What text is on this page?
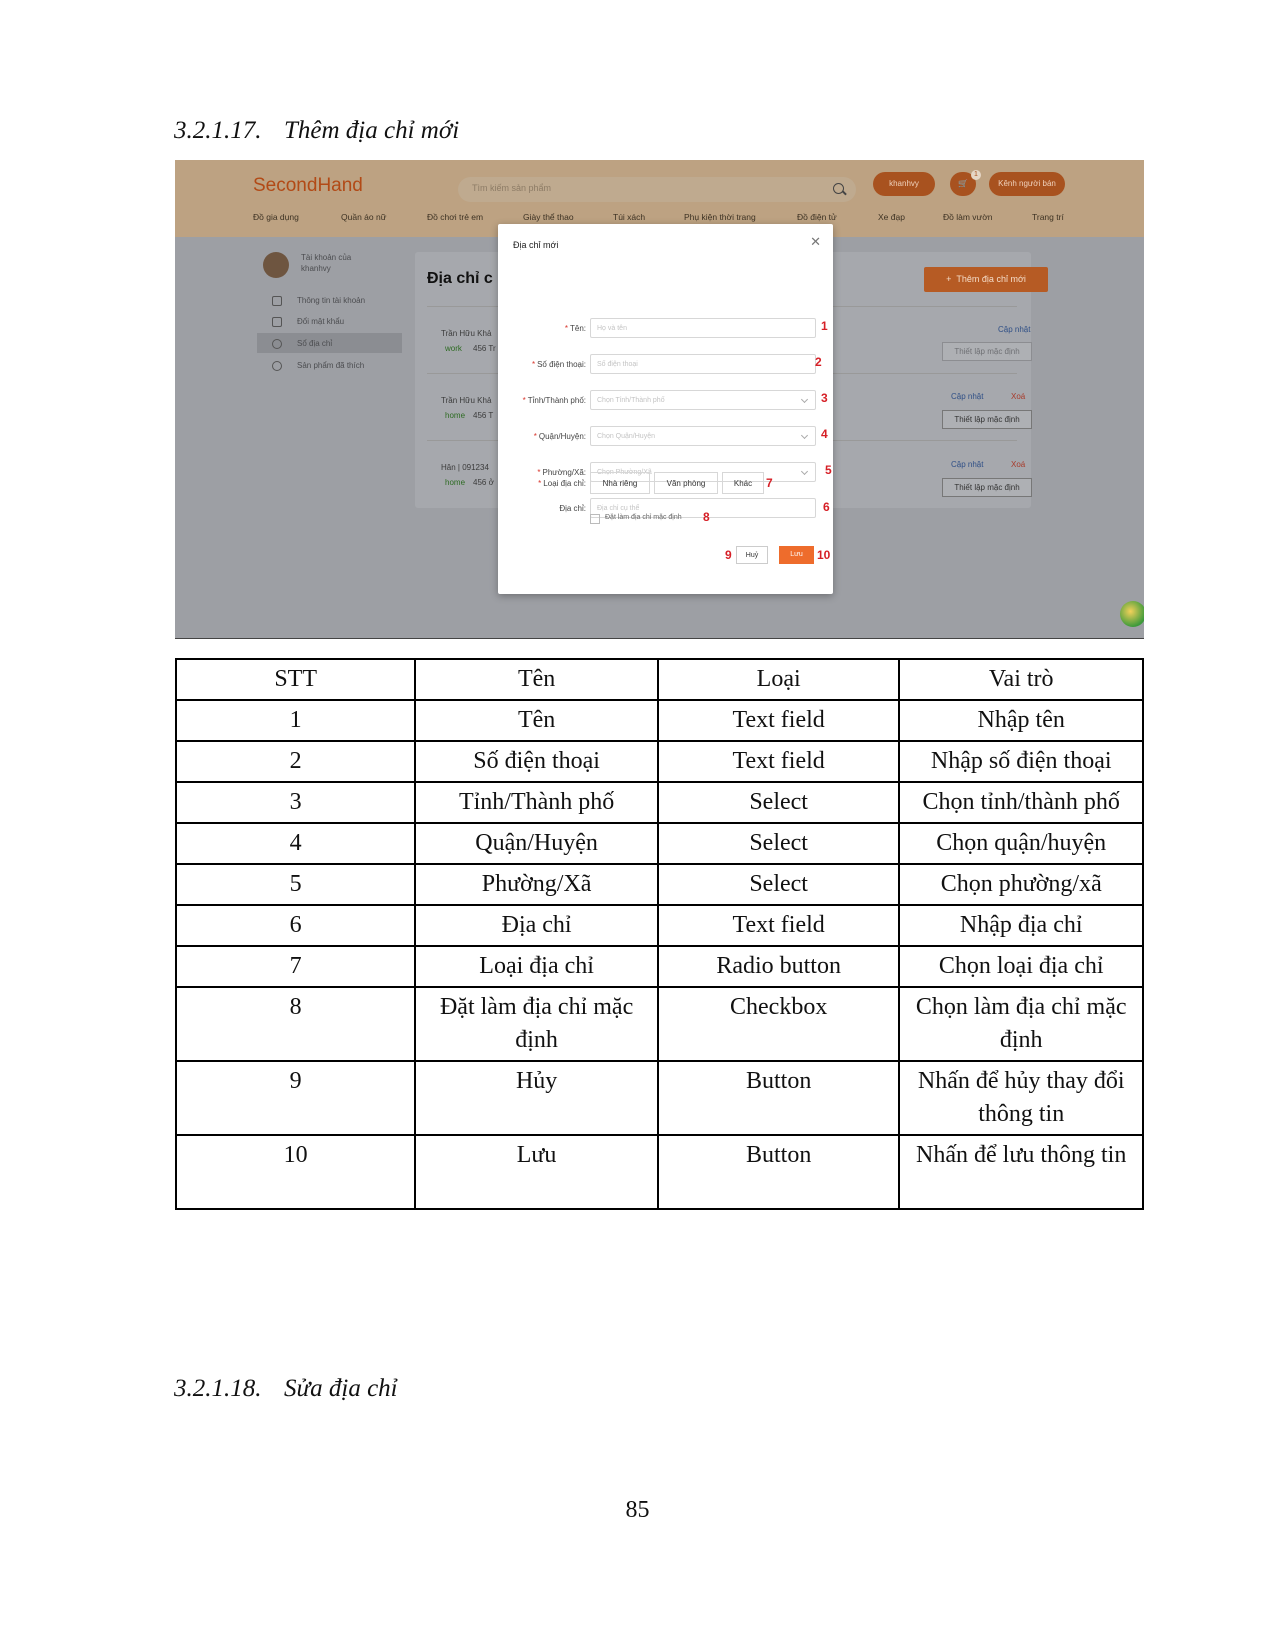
3.2.1.17. Thêm địa chỉ mới
SecondHand	Tìm kiếm sản phẩm	khanhvy	🛒
1
Kênh người bán
Đồ gia dụng	Quần áo nữ	Đồ chơi trẻ em	Giày thể thao	Túi xách	Phụ kiện thời trang	Đồ điện tử	Xe đạp	Đồ làm vườn	Trang trí
Tài khoản của
khanhvy
Thông tin tài khoản
Đổi mật khẩu
Sổ địa chỉ
Sản phẩm đã thích
Địa chỉ c	+  Thêm địa chỉ mới
Trần Hữu Khả
work 456 Tr
Cập nhật
Thiết lập mặc định
Trần Hữu Khả
home 456 T
Cập nhật	Xoá
Thiết lập mặc định
Hân | 091234
home 456 ở
Cập nhật	Xoá
Thiết lập mặc định
Địa chỉ mới	✕
* Tên:	Họ và tên	1
* Số điện thoại:	Số điện thoại	2
* Tỉnh/Thành phố:	Chọn Tỉnh/Thành phố	3
* Quận/Huyện:	Chọn Quận/Huyện	4
* Phường/Xã:	Chọn Phường/Xã	5
Địa chỉ:	Địa chỉ cụ thể	6
* Loại địa chỉ:	Nhà riêng	Văn phòng	Khác	7
Đặt làm địa chỉ mặc định 8
9	Huỷ	Lưu	10
STT	Tên	Loại	Vai trò
1	Tên	Text field	Nhập tên
2	Số điện thoại	Text field	Nhập số điện thoại
3	Tỉnh/Thành phố	Select	Chọn tỉnh/thành phố
4	Quận/Huyện	Select	Chọn quận/huyện
5	Phường/Xã	Select	Chọn phường/xã
6	Địa chỉ	Text field	Nhập địa chỉ
7	Loại địa chỉ	Radio button	Chọn loại địa chỉ
8	Đặt làm địa chỉ mặc định	Checkbox	Chọn làm địa chỉ mặc định
9	Hủy	Button	Nhấn để hủy thay đổi thông tin
10	Lưu	Button	Nhấn để lưu thông tin
3.2.1.18. Sửa địa chỉ
85
